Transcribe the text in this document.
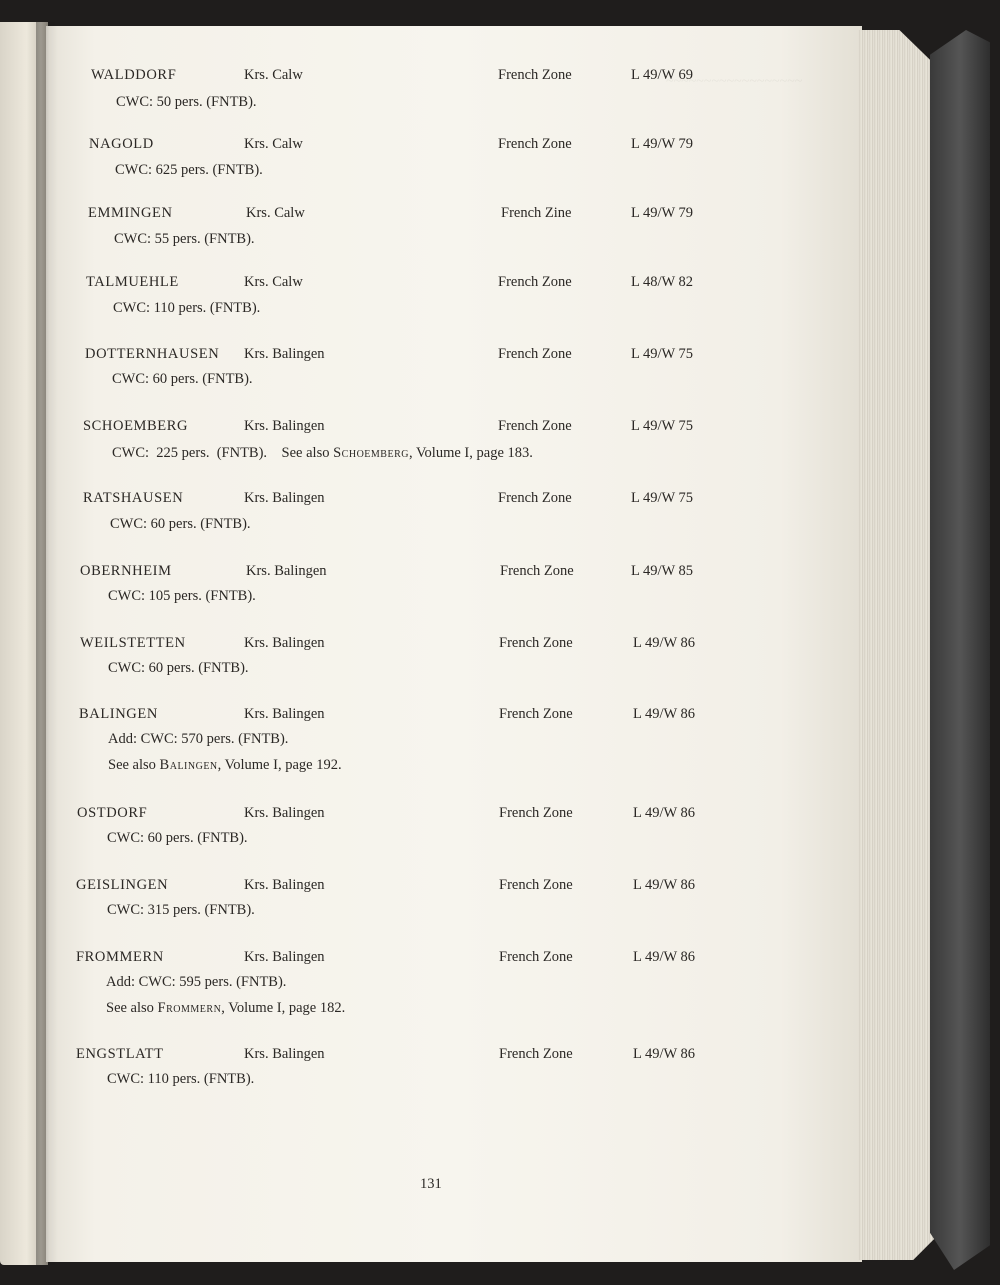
~~~~~~~~~~~~~~~~~~
WALDDORF	Krs. Calw	French Zone	L 49/W 69
CWC: 50 pers. (FNTB).
NAGOLD	Krs. Calw	French Zone	L 49/W 79
CWC: 625 pers. (FNTB).
EMMINGEN	Krs. Calw	French Zine	L 49/W 79
CWC: 55 pers. (FNTB).
TALMUEHLE	Krs. Calw	French Zone	L 48/W 82
CWC: 110 pers. (FNTB).
DOTTERNHAUSEN Krs. Balingen	French Zone	L 49/W 75
CWC: 60 pers. (FNTB).
SCHOEMBERG	Krs. Balingen	French Zone	L 49/W 75
CWC:  225 pers.  (FNTB).    See also Schoemberg, Volume I, page 183.
RATSHAUSEN	Krs. Balingen	French Zone	L 49/W 75
CWC: 60 pers. (FNTB).
OBERNHEIM	Krs. Balingen	French Zone	L 49/W 85
CWC: 105 pers. (FNTB).
WEILSTETTEN	Krs. Balingen	French Zone	L 49/W 86
CWC: 60 pers. (FNTB).
BALINGEN	Krs. Balingen	French Zone	L 49/W 86
Add: CWC: 570 pers. (FNTB).
See also Balingen, Volume I, page 192.
OSTDORF	Krs. Balingen	French Zone	L 49/W 86
CWC: 60 pers. (FNTB).
GEISLINGEN	Krs. Balingen	French Zone	L 49/W 86
CWC: 315 pers. (FNTB).
FROMMERN	Krs. Balingen	French Zone	L 49/W 86
Add: CWC: 595 pers. (FNTB).
See also Frommern, Volume I, page 182.
ENGSTLATT	Krs. Balingen	French Zone	L 49/W 86
CWC: 110 pers. (FNTB).
131
